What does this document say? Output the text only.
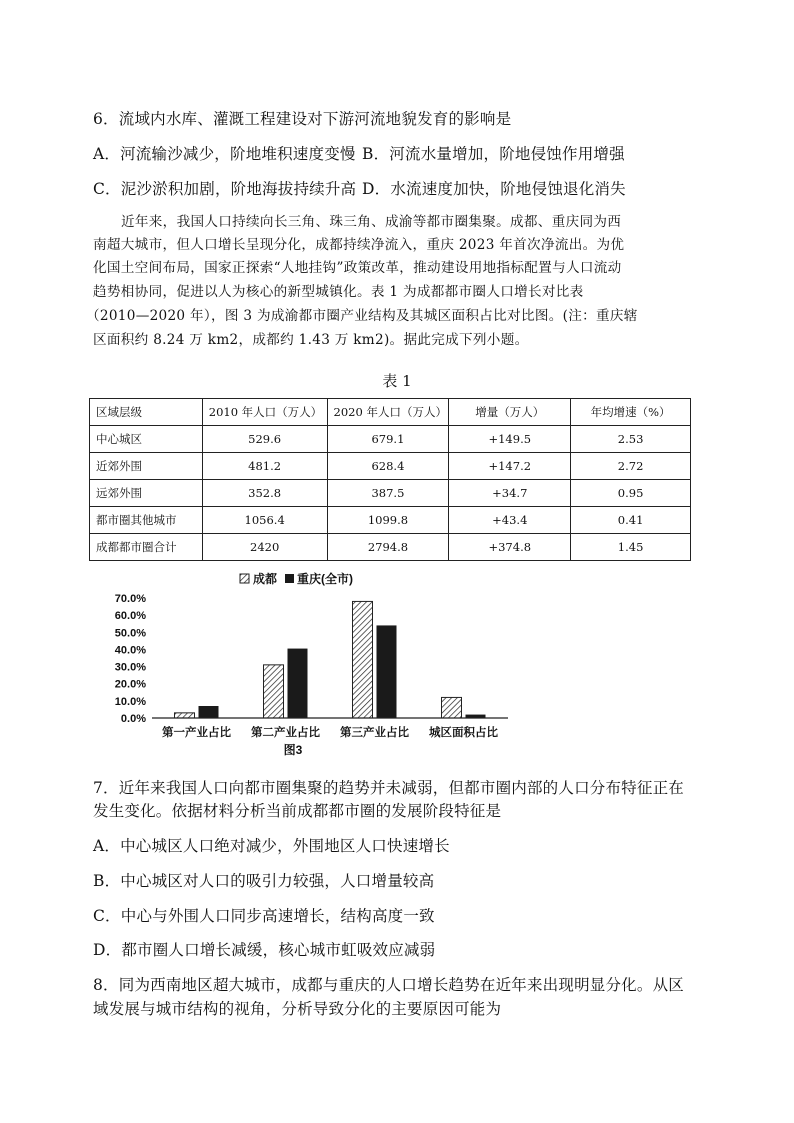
6．流域内水库、灌溉工程建设对下游河流地貌发育的影响是
A．河流输沙减少，阶地堆积速度变慢 B．河流水量增加，阶地侵蚀作用增强
C．泥沙淤积加剧，阶地海拔持续升高 D．水流速度加快，阶地侵蚀退化消失
近年来，我国人口持续向长三角、珠三角、成渝等都市圈集聚。成都、重庆同为西
南超大城市，但人口增长呈现分化，成都持续净流入，重庆 2023 年首次净流出。为优
化国土空间布局，国家正探索“人地挂钩”政策改革，推动建设用地指标配置与人口流动
趋势相协同，促进以人为核心的新型城镇化。表 1 为成都都市圈人口增长对比表
（2010—2020 年），图 3 为成渝都市圈产业结构及其城区面积占比对比图。(注：重庆辖
区面积约 8.24 万 km2，成都约 1.43 万 km2)。据此完成下列小题。
表 1
区域层级	2010 年人口（万人）	2020 年人口（万人）	增量（万人）	年均增速（%）
中心城区	529.6	679.1	+149.5	2.53
近郊外围	481.2	628.4	+147.2	2.72
远郊外围	352.8	387.5	+34.7	0.95
都市圈其他城市	1056.4	1099.8	+43.4	0.41
成都都市圈合计	2420	2794.8	+374.8	1.45
成都 重庆(全市)
70.0%
60.0%
50.0%
40.0%
30.0%
20.0%
10.0%
0.0%
第一产业占比 第二产业占比 第三产业占比 城区面积占比
图3
7．近年来我国人口向都市圈集聚的趋势并未减弱，但都市圈内部的人口分布特征正在
发生变化。依据材料分析当前成都都市圈的发展阶段特征是
A．中心城区人口绝对减少，外围地区人口快速增长
B．中心城区对人口的吸引力较强，人口增量较高
C．中心与外围人口同步高速增长，结构高度一致
D．都市圈人口增长减缓，核心城市虹吸效应减弱
8．同为西南地区超大城市，成都与重庆的人口增长趋势在近年来出现明显分化。从区
域发展与城市结构的视角，分析导致分化的主要原因可能为
